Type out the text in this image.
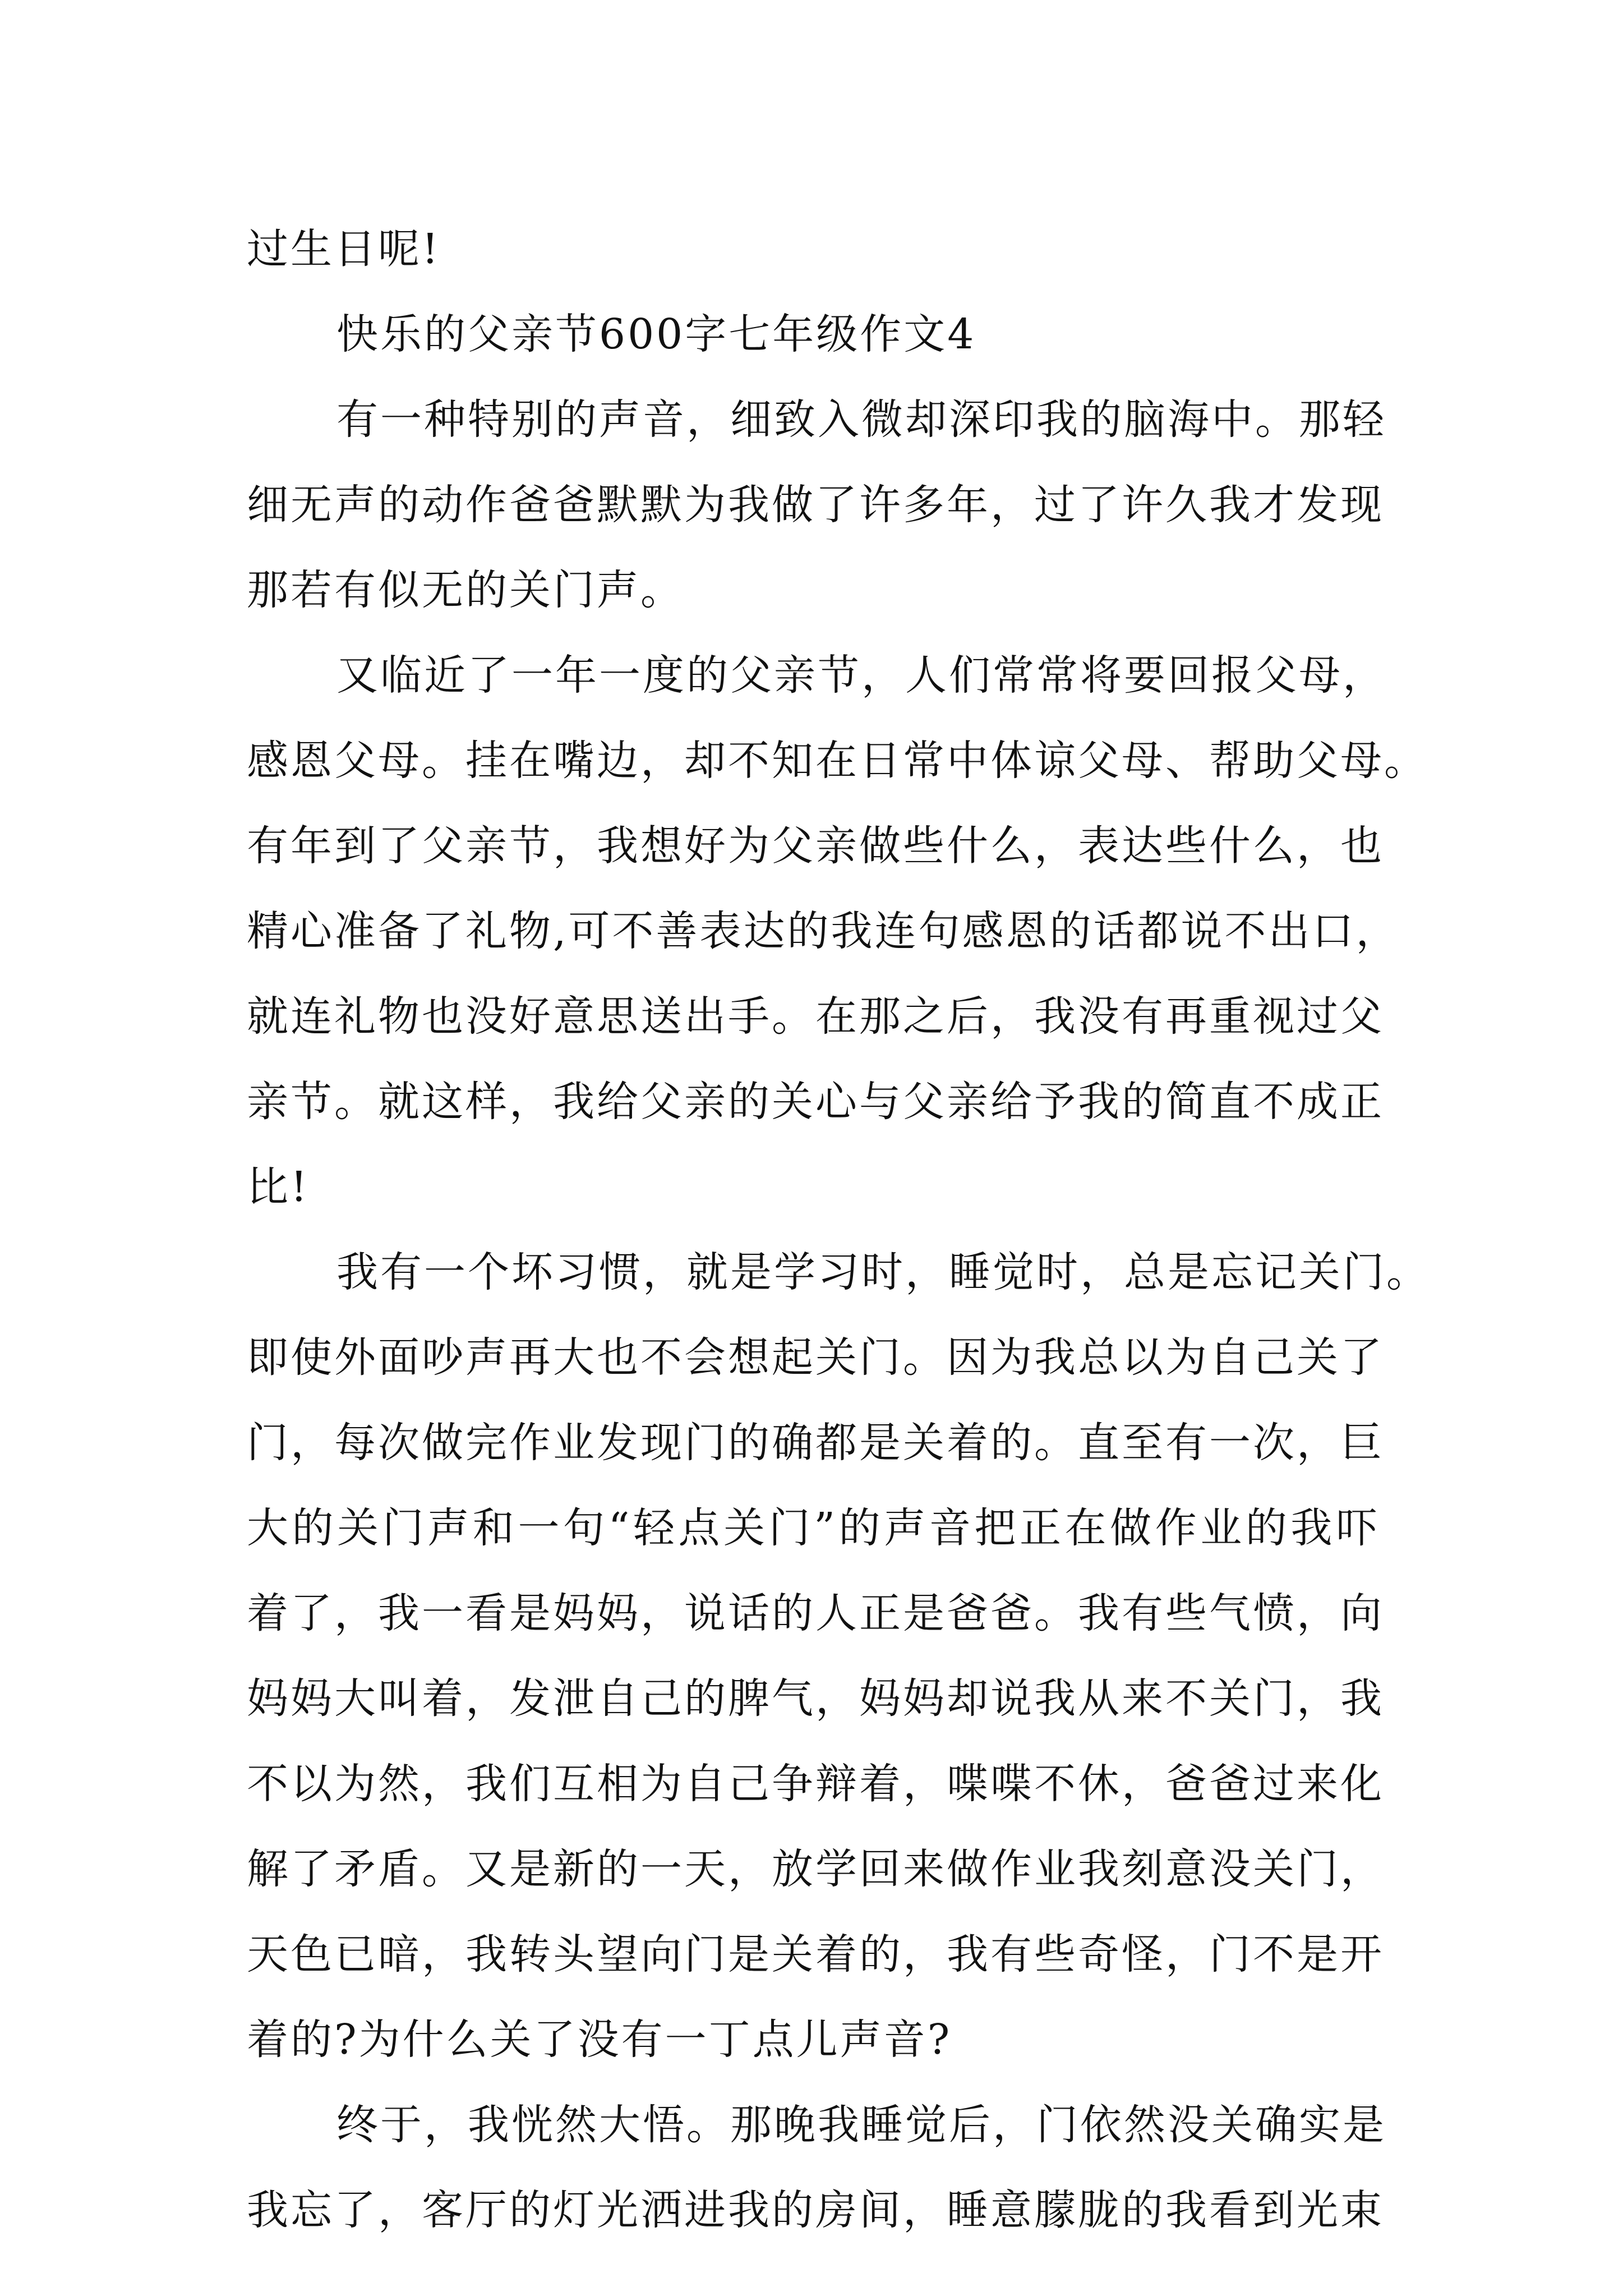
过生日呢!
快乐的父亲节600字七年级作文4
有一种特别的声音，细致入微却深印我的脑海中。那轻
细无声的动作爸爸默默为我做了许多年，过了许久我才发现
那若有似无的关门声。
又临近了一年一度的父亲节，人们常常将要回报父母，
感恩父母。挂在嘴边，却不知在日常中体谅父母、帮助父母。
有年到了父亲节，我想好为父亲做些什么，表达些什么，也
精心准备了礼物,可不善表达的我连句感恩的话都说不出口，
就连礼物也没好意思送出手。在那之后，我没有再重视过父
亲节。就这样，我给父亲的关心与父亲给予我的简直不成正
比!
我有一个坏习惯，就是学习时，睡觉时，总是忘记关门。
即使外面吵声再大也不会想起关门。因为我总以为自己关了
门，每次做完作业发现门的确都是关着的。直至有一次，巨
大的关门声和一句“轻点关门”的声音把正在做作业的我吓
着了，我一看是妈妈，说话的人正是爸爸。我有些气愤，向
妈妈大叫着，发泄自己的脾气，妈妈却说我从来不关门，我
不以为然，我们互相为自己争辩着，喋喋不休，爸爸过来化
解了矛盾。又是新的一天，放学回来做作业我刻意没关门，
天色已暗，我转头望向门是关着的，我有些奇怪，门不是开
着的?为什么关了没有一丁点儿声音?
终于，我恍然大悟。那晚我睡觉后，门依然没关确实是
我忘了，客厅的灯光洒进我的房间，睡意朦胧的我看到光束
